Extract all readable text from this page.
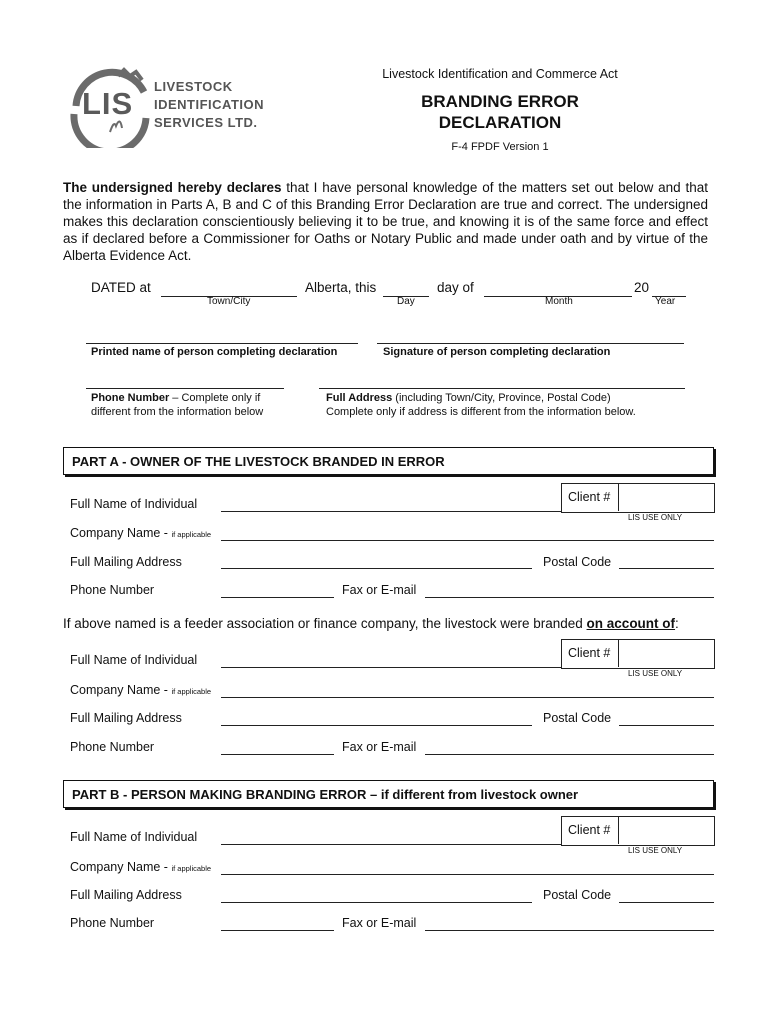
LIS LIVESTOCK
IDENTIFICATION
SERVICES LTD.
Livestock Identification and Commerce Act
BRANDING ERROR
DECLARATION
F-4 FPDF Version 1
The undersigned hereby declares that I have personal knowledge of the matters set out below and that the information in Parts A, B and C of this Branding Error Declaration are true and correct. The undersigned makes this declaration conscientiously believing it to be true, and knowing it is of the same force and effect as if declared before a Commissioner for Oaths or Notary Public and made under oath and by virtue of the Alberta Evidence Act.
DATED at	Alberta, this	day of	20
Town/City	Day	Month	Year
Printed name of person completing declaration	Signature of person completing declaration
Phone Number – Complete only if
different from the information below
Full Address (including Town/City, Province, Postal Code)
Complete only if address is different from the information below.
PART A - OWNER OF THE LIVESTOCK BRANDED IN ERROR
Full Name of Individual	Client #
LIS USE ONLY
Company Name - if applicable
Full Mailing Address	Postal Code
Phone Number	Fax or E-mail
If above named is a feeder association or finance company, the livestock were branded on account of:
Full Name of Individual	Client #
LIS USE ONLY
Company Name - if applicable
Full Mailing Address	Postal Code
Phone Number	Fax or E-mail
PART B - PERSON MAKING BRANDING ERROR – if different from livestock owner
Full Name of Individual	Client #
LIS USE ONLY
Company Name - if applicable
Full Mailing Address	Postal Code
Phone Number	Fax or E-mail
